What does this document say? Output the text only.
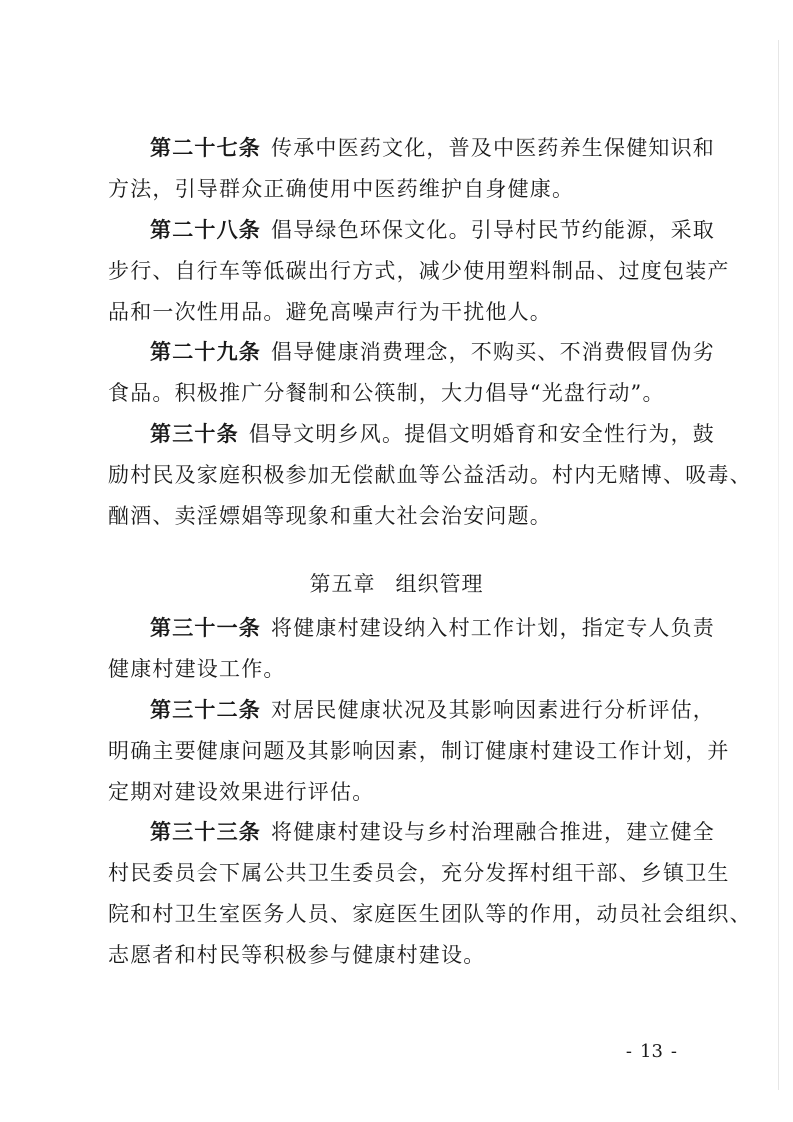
第二十七条 传承中医药文化，普及中医药养生保健知识和
方法，引导群众正确使用中医药维护自身健康。
第二十八条 倡导绿色环保文化。引导村民节约能源，采取
步行、自行车等低碳出行方式，减少使用塑料制品、过度包装产
品和一次性用品。避免高噪声行为干扰他人。
第二十九条 倡导健康消费理念，不购买、不消费假冒伪劣
食品。积极推广分餐制和公筷制，大力倡导“光盘行动”。
第三十条 倡导文明乡风。提倡文明婚育和安全性行为，鼓
励村民及家庭积极参加无偿献血等公益活动。村内无赌博、吸毒、
酗酒、卖淫嫖娼等现象和重大社会治安问题。
第五章 组织管理
第三十一条 将健康村建设纳入村工作计划，指定专人负责
健康村建设工作。
第三十二条 对居民健康状况及其影响因素进行分析评估，
明确主要健康问题及其影响因素，制订健康村建设工作计划，并
定期对建设效果进行评估。
第三十三条 将健康村建设与乡村治理融合推进，建立健全
村民委员会下属公共卫生委员会，充分发挥村组干部、乡镇卫生
院和村卫生室医务人员、家庭医生团队等的作用，动员社会组织、
志愿者和村民等积极参与健康村建设。
- 13 -
